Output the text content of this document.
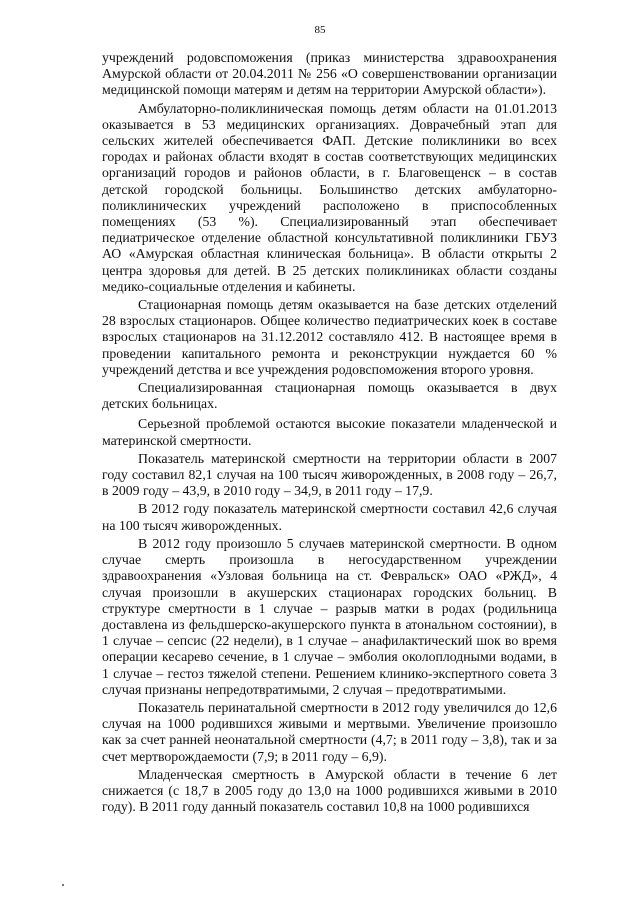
85

учреждений родовспоможения (приказ министерства здравоохранения Амурской области от 20.04.2011 № 256 «О совершенствовании организации медицинской помощи матерям и детям на территории Амурской области»).

Амбулаторно-поликлиническая помощь детям области на 01.01.2013 оказывается в 53 медицинских организациях. Доврачебный этап для сельских жителей обеспечивается ФАП. Детские поликлиники во всех городах и районах области входят в состав соответствующих медицинских организаций городов и районов области, в г. Благовещенск – в состав детской городской больницы. Большинство детских амбулаторно-поликлинических учреждений расположено в приспособленных помещениях (53 %). Специализированный этап обеспечивает педиатрическое отделение областной консультативной поликлиники ГБУЗ АО «Амурская областная клиническая больница». В области открыты 2 центра здоровья для детей. В 25 детских поликлиниках области созданы медико-социальные отделения и кабинеты.

Стационарная помощь детям оказывается на базе детских отделений 28 взрослых стационаров. Общее количество педиатрических коек в составе взрослых стационаров на 31.12.2012 составляло 412. В настоящее время в проведении капитального ремонта и реконструкции нуждается 60 % учреждений детства и все учреждения родовспоможения второго уровня.

Специализированная стационарная помощь оказывается в двух детских больницах.

Серьезной проблемой остаются высокие показатели младенческой и материнской смертности.

Показатель материнской смертности на территории области в 2007 году составил 82,1 случая на 100 тысяч живорожденных, в 2008 году – 26,7, в 2009 году – 43,9, в 2010 году – 34,9, в 2011 году – 17,9.

В 2012 году показатель материнской смертности составил 42,6 случая на 100 тысяч живорожденных.

В 2012 году произошло 5 случаев материнской смертности. В одном случае смерть произошла в негосударственном учреждении здравоохранения «Узловая больница на ст. Февральск» ОАО «РЖД», 4 случая произошли в акушерских стационарах городских больниц. В структуре смертности в 1 случае – разрыв матки в родах (родильница доставлена из фельдшерско-акушерского пункта в атональном состоянии), в 1 случае – сепсис (22 недели), в 1 случае – анафилактический шок во время операции кесарево сечение, в 1 случае – эмболия околоплодными водами, в 1 случае – гестоз тяжелой степени. Решением клинико-экспертного совета 3 случая признаны непредотвратимыми, 2 случая – предотвратимыми.

Показатель перинатальной смертности в 2012 году увеличился до 12,6 случая на 1000 родившихся живыми и мертвыми. Увеличение произошло как за счет ранней неонатальной смертности (4,7; в 2011 году – 3,8), так и за счет мертворождаемости (7,9; в 2011 году – 6,9).

Младенческая смертность в Амурской области в течение 6 лет снижается (с 18,7 в 2005 году до 13,0 на 1000 родившихся живыми в 2010 году). В 2011 году данный показатель составил 10,8 на 1000 родившихся
